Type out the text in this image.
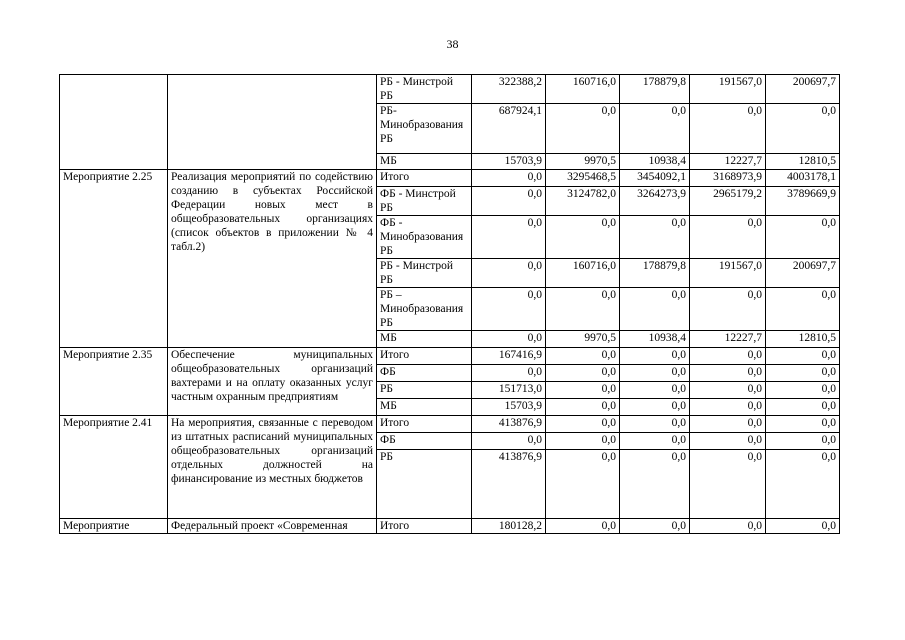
38
		РБ - Минстрой РБ	322388,2	160716,0	178879,8	191567,0	200697,7
		РБ-Минобразования РБ	687924,1	0,0	0,0	0,0	0,0
		МБ	15703,9	9970,5	10938,4	12227,7	12810,5
Мероприятие 2.25	Реализация мероприятий по содействию созданию в субъектах Российской Федерации новых мест в общеобразовательных организациях (список объектов в приложении № 4 табл.2)	Итого	0,0	3295468,5	3454092,1	3168973,9	4003178,1
		ФБ - Минстрой РБ	0,0	3124782,0	3264273,9	2965179,2	3789669,9
		ФБ - Минобразования РБ	0,0	0,0	0,0	0,0	0,0
		РБ - Минстрой РБ	0,0	160716,0	178879,8	191567,0	200697,7
		РБ – Минобразования РБ	0,0	0,0	0,0	0,0	0,0
		МБ	0,0	9970,5	10938,4	12227,7	12810,5
Мероприятие 2.35	Обеспечение муниципальных общеобразовательных организаций вахтерами и на оплату оказанных услуг частным охранным предприятиям	Итого	167416,9	0,0	0,0	0,0	0,0
		ФБ	0,0	0,0	0,0	0,0	0,0
		РБ	151713,0	0,0	0,0	0,0	0,0
		МБ	15703,9	0,0	0,0	0,0	0,0
Мероприятие 2.41	На мероприятия, связанные с переводом из штатных расписаний муниципальных общеобразовательных организаций отдельных должностей на финансирование из местных бюджетов	Итого	413876,9	0,0	0,0	0,0	0,0
		ФБ	0,0	0,0	0,0	0,0	0,0
		РБ	413876,9	0,0	0,0	0,0	0,0
Мероприятие	Федеральный проект «Современная	Итого	180128,2	0,0	0,0	0,0	0,0
